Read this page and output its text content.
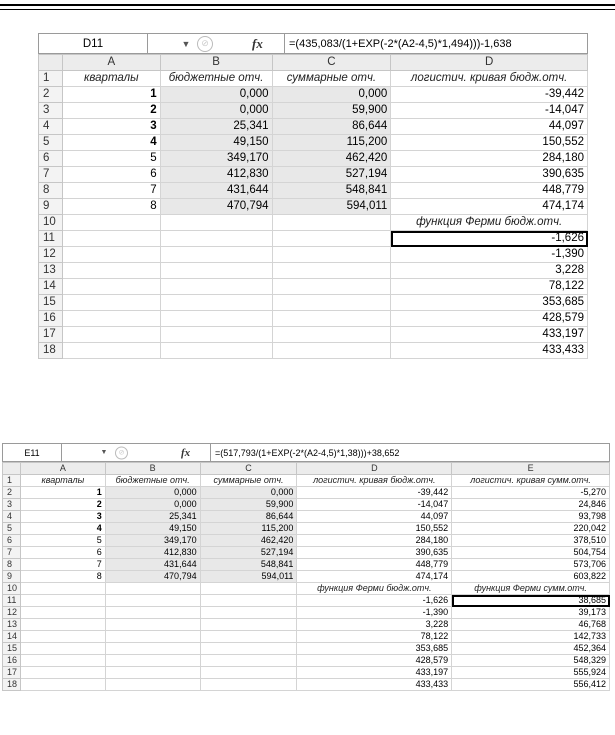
D11	▼	⊘	fx	=(435,083/(1+EXP(-2*(A2-4,5)*1,494)))-1,638
	A	B	C	D
1	кварталы	бюджетные отч.	суммарные отч.	логистич. кривая бюдж.отч.
2	1	0,000	0,000	-39,442
3	2	0,000	59,900	-14,047
4	3	25,341	86,644	44,097
5	4	49,150	115,200	150,552
6	5	349,170	462,420	284,180
7	6	412,830	527,194	390,635
8	7	431,644	548,841	448,779
9	8	470,794	594,011	474,174
10				функция Ферми бюдж.отч.
11				-1,626
12				-1,390
13				3,228
14				78,122
15				353,685
16				428,579
17				433,197
18				433,433
E11	▼	⊘	fx	=(517,793/(1+EXP(-2*(A2-4,5)*1,38)))+38,652
	A	B	C	D	E
1	кварталы	бюджетные отч.	суммарные отч.	логистич. кривая бюдж.отч.	логистич. кривая сумм.отч.
2	1	0,000	0,000	-39,442	-5,270
3	2	0,000	59,900	-14,047	24,846
4	3	25,341	86,644	44,097	93,798
5	4	49,150	115,200	150,552	220,042
6	5	349,170	462,420	284,180	378,510
7	6	412,830	527,194	390,635	504,754
8	7	431,644	548,841	448,779	573,706
9	8	470,794	594,011	474,174	603,822
10				функция Ферми бюдж.отч.	функция Ферми сумм.отч.
11				-1,626	38,685
12				-1,390	39,173
13				3,228	46,768
14				78,122	142,733
15				353,685	452,364
16				428,579	548,329
17				433,197	555,924
18				433,433	556,412
